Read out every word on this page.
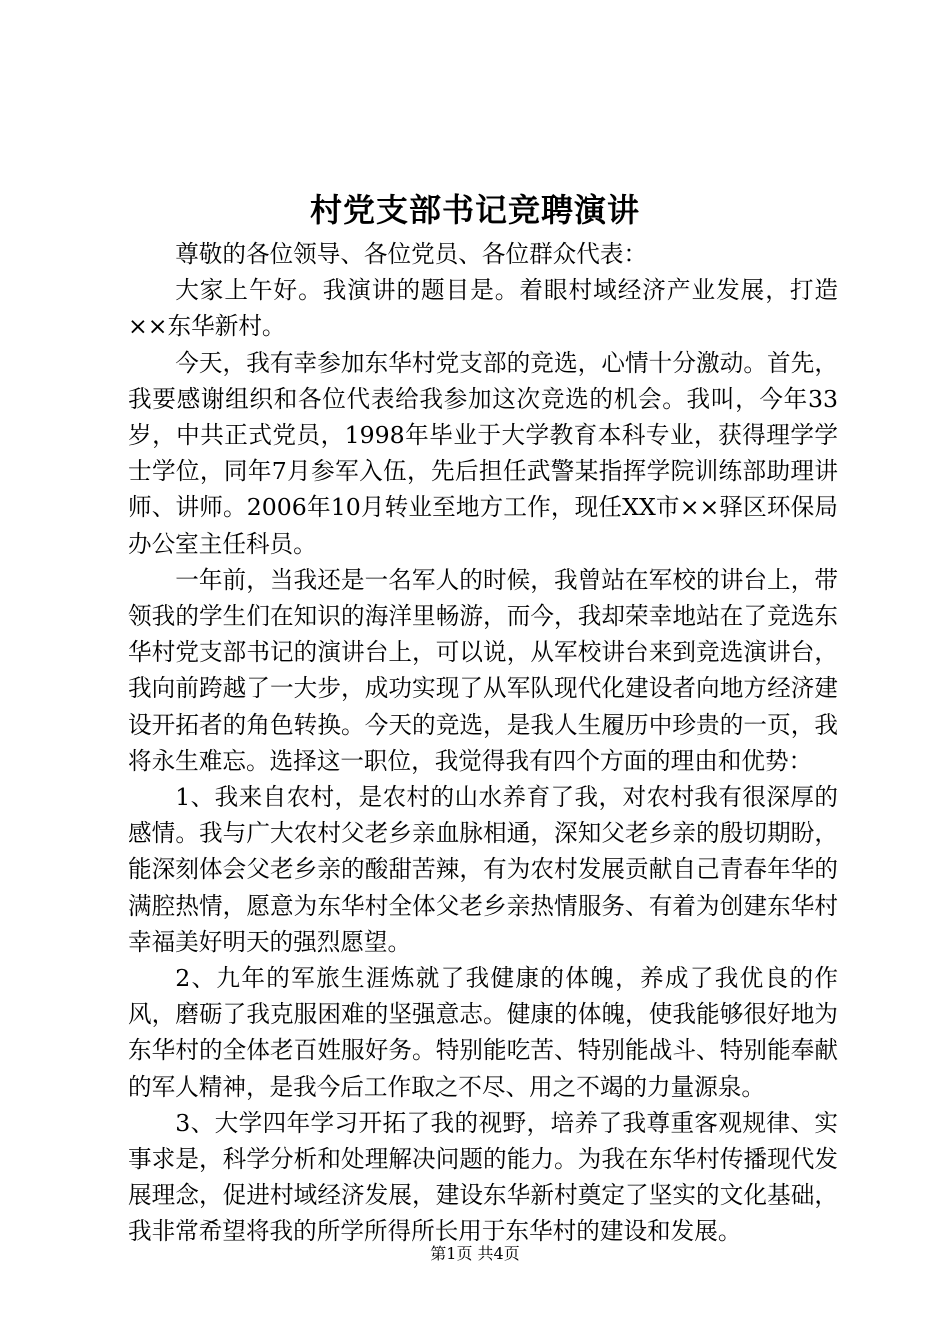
村党支部书记竞聘演讲

尊敬的各位领导、各位党员、各位群众代表：

大家上午好。我演讲的题目是。着眼村域经济产业发展，打造××东华新村。

今天，我有幸参加东华村党支部的竞选，心情十分激动。首先，我要感谢组织和各位代表给我参加这次竞选的机会。我叫，今年33岁，中共正式党员，1998年毕业于大学教育本科专业，获得理学学士学位，同年7月参军入伍，先后担任武警某指挥学院训练部助理讲师、讲师。2006年10月转业至地方工作，现任XX市××驿区环保局办公室主任科员。

一年前，当我还是一名军人的时候，我曾站在军校的讲台上，带领我的学生们在知识的海洋里畅游，而今，我却荣幸地站在了竞选东华村党支部书记的演讲台上，可以说，从军校讲台来到竞选演讲台，我向前跨越了一大步，成功实现了从军队现代化建设者向地方经济建设开拓者的角色转换。今天的竞选，是我人生履历中珍贵的一页，我将永生难忘。选择这一职位，我觉得我有四个方面的理由和优势：

1、我来自农村，是农村的山水养育了我，对农村我有很深厚的感情。我与广大农村父老乡亲血脉相通，深知父老乡亲的殷切期盼，能深刻体会父老乡亲的酸甜苦辣，有为农村发展贡献自己青春年华的满腔热情，愿意为东华村全体父老乡亲热情服务、有着为创建东华村幸福美好明天的强烈愿望。

2、九年的军旅生涯炼就了我健康的体魄，养成了我优良的作风，磨砺了我克服困难的坚强意志。健康的体魄，使我能够很好地为东华村的全体老百姓服好务。特别能吃苦、特别能战斗、特别能奉献的军人精神，是我今后工作取之不尽、用之不竭的力量源泉。

3、大学四年学习开拓了我的视野，培养了我尊重客观规律、实事求是，科学分析和处理解决问题的能力。为我在东华村传播现代发展理念，促进村域经济发展，建设东华新村奠定了坚实的文化基础，我非常希望将我的所学所得所长用于东华村的建设和发展。

第1页 共4页
